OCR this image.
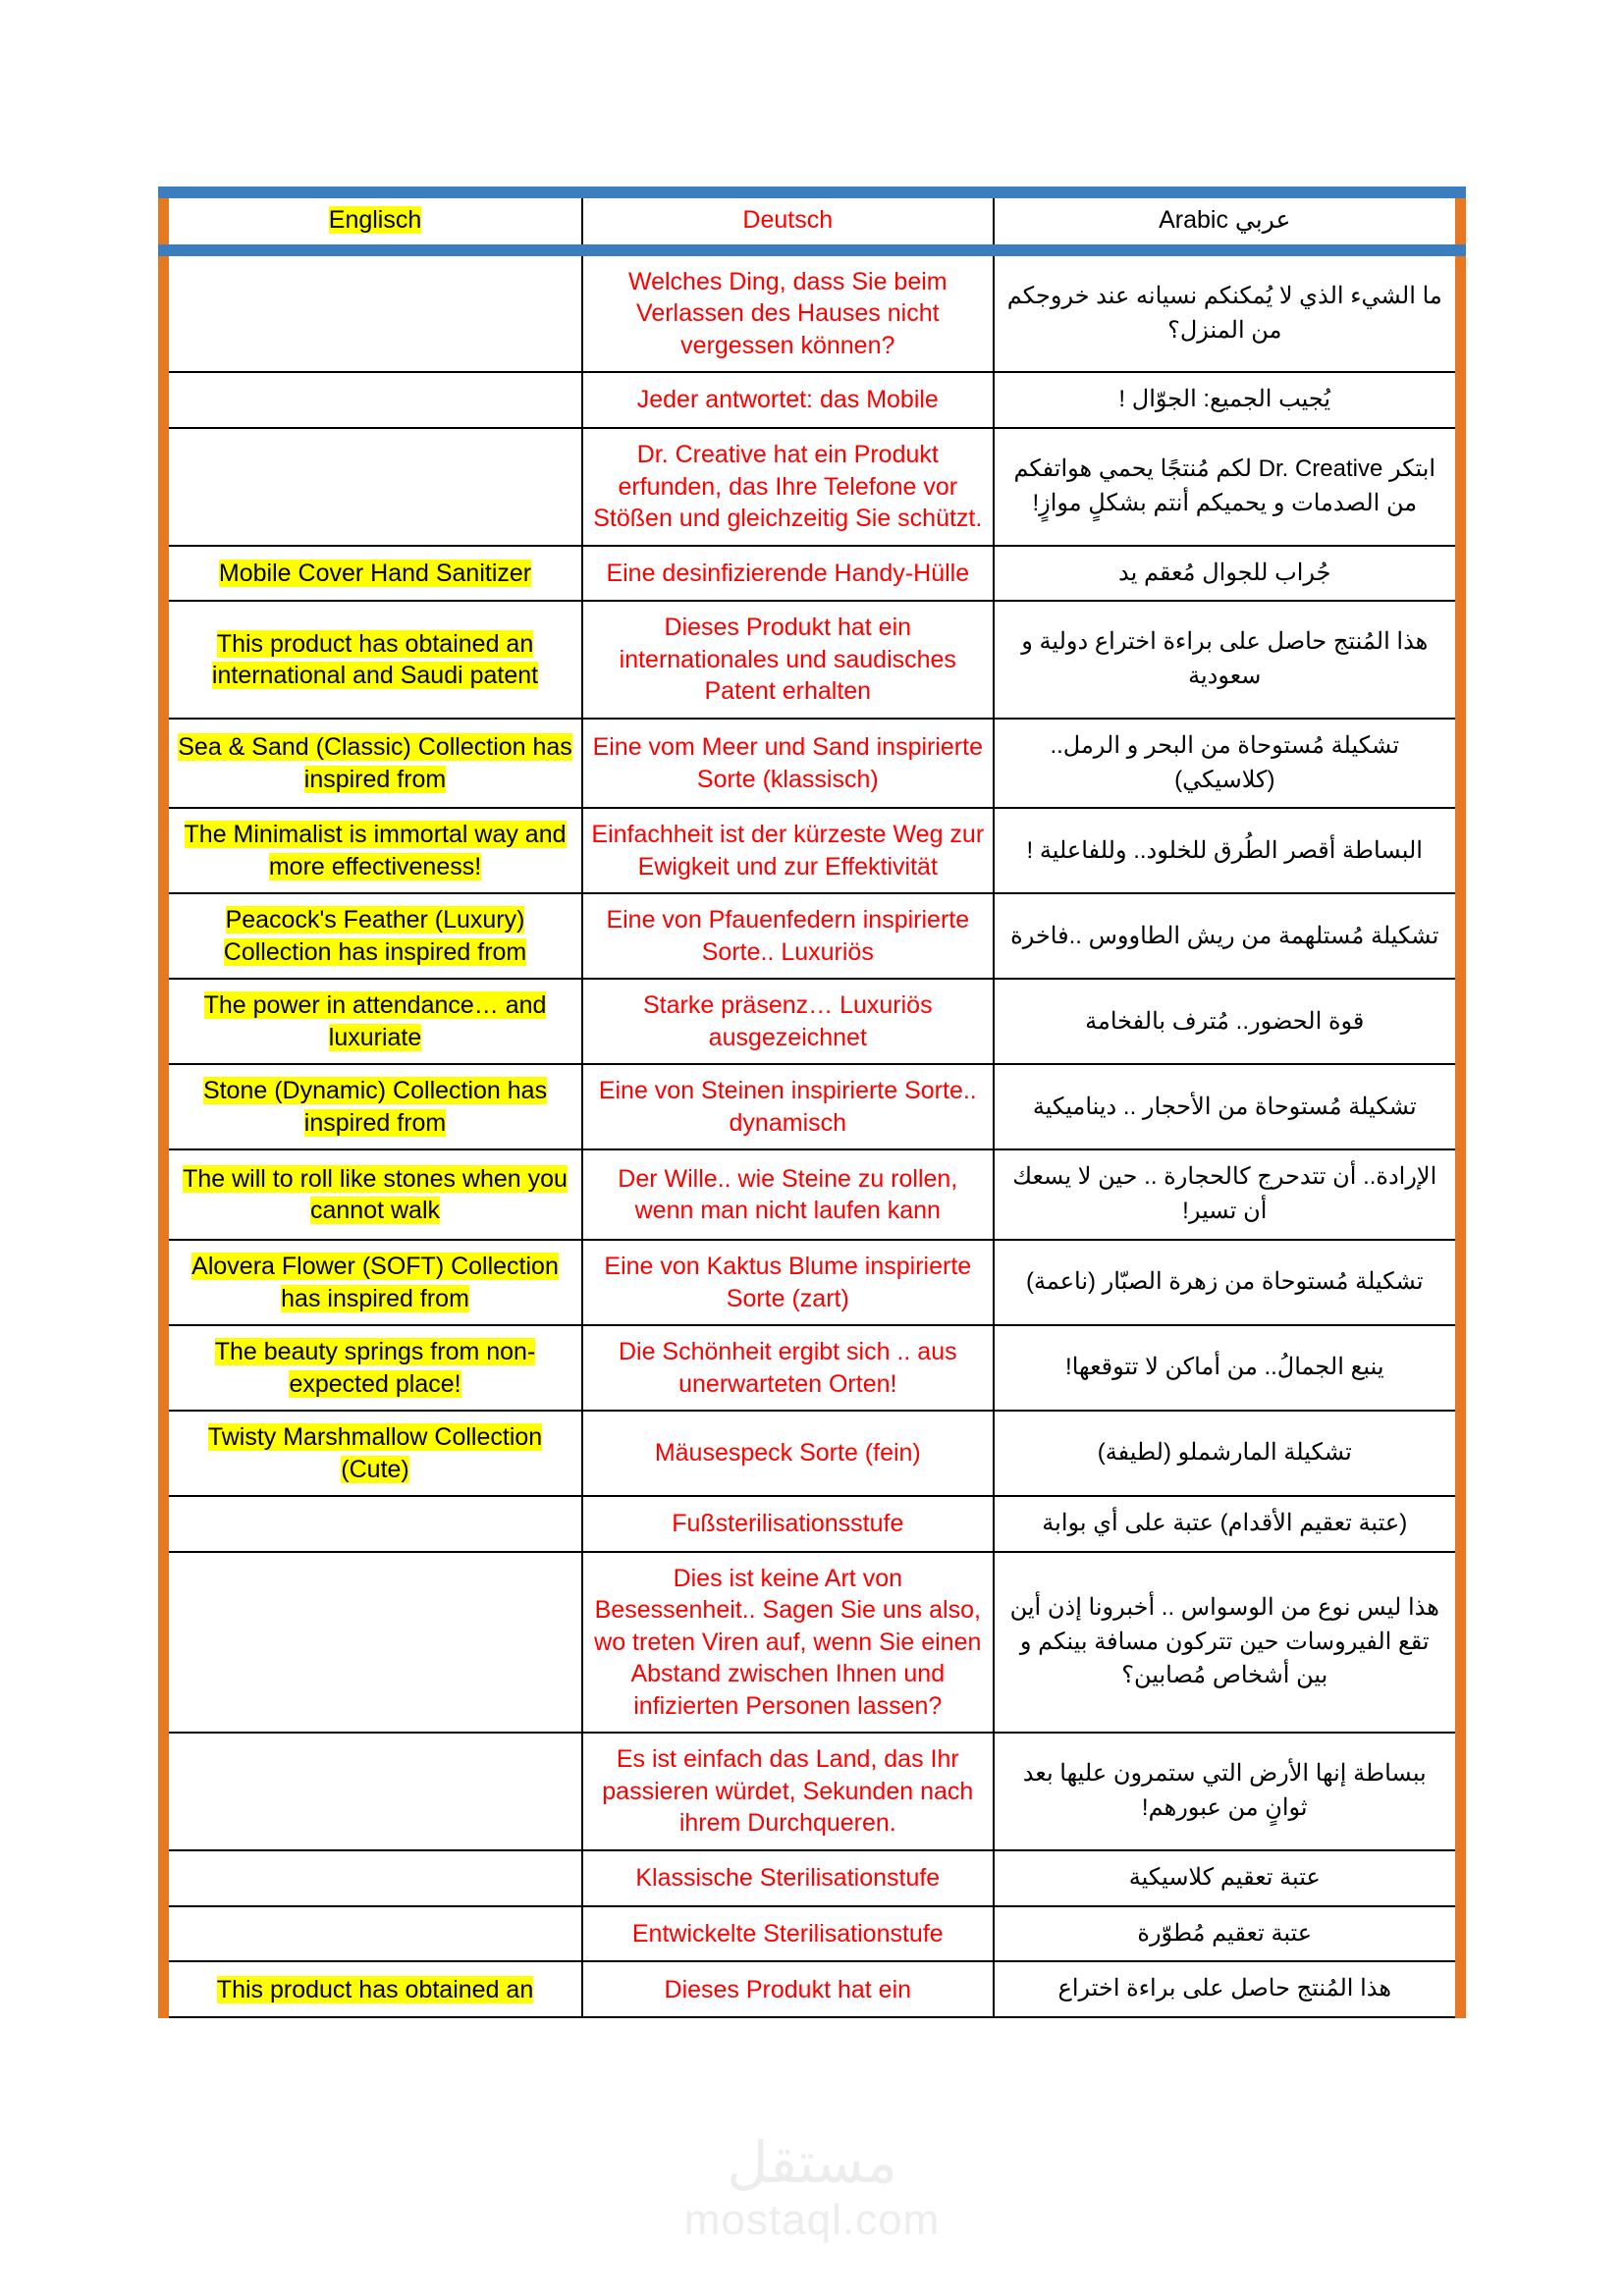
Englisch	Deutsch	Arabic عربي
	Welches Ding, dass Sie beim Verlassen des Hauses nicht vergessen können?	ما الشيء الذي لا يُمكنكم نسيانه عند خروجكم من المنزل؟
	Jeder antwortet: das Mobile	يُجيب الجميع: الجوّال !
	Dr. Creative hat ein Produkt erfunden, das Ihre Telefone vor Stößen und gleichzeitig Sie schützt.	ابتكر Dr. Creative لكم مُنتجًا يحمي هواتفكم من الصدمات و يحميكم أنتم بشكلٍ موازٍ!
Mobile Cover Hand Sanitizer	Eine desinfizierende Handy-Hülle	جُراب للجوال مُعقم يد
This product has obtained an international and Saudi patent	Dieses Produkt hat ein internationales und saudisches Patent erhalten	هذا المُنتج حاصل على براءة اختراع دولية و سعودية
Sea & Sand (Classic) Collection has inspired from	Eine vom Meer und Sand inspirierte Sorte (klassisch)	تشكيلة مُستوحاة من البحر و الرمل.. (كلاسيكي)
The Minimalist is immortal way and more effectiveness!	Einfachheit ist der kürzeste Weg zur Ewigkeit und zur Effektivität	البساطة أقصر الطُرق للخلود.. وللفاعلية !
Peacock's Feather (Luxury) Collection has inspired from	Eine von Pfauenfedern inspirierte Sorte.. Luxuriös	تشكيلة مُستلهمة من ريش الطاووس ..فاخرة
The power in attendance… and luxuriate	Starke präsenz… Luxuriös ausgezeichnet	قوة الحضور.. مُترف بالفخامة
Stone (Dynamic) Collection has inspired from	Eine von Steinen inspirierte Sorte.. dynamisch	تشكيلة مُستوحاة من الأحجار .. ديناميكية
The will to roll like stones when you cannot walk	Der Wille.. wie Steine zu rollen, wenn man nicht laufen kann	الإرادة.. أن تتدحرج كالحجارة .. حين لا يسعك أن تسير!
Alovera Flower (SOFT) Collection has inspired from	Eine von Kaktus Blume inspirierte Sorte (zart)	تشكيلة مُستوحاة من زهرة الصبّار (ناعمة)
The beauty springs from non-expected place!	Die Schönheit ergibt sich .. aus unerwarteten Orten!	ينبع الجمالُ.. من أماكن لا تتوقعها!
Twisty Marshmallow Collection (Cute)	Mäusespeck Sorte (fein)	تشكيلة المارشملو (لطيفة)
	Fußsterilisationsstufe	(عتبة تعقيم الأقدام) عتبة على أي بوابة
	Dies ist keine Art von Besessenheit.. Sagen Sie uns also, wo treten Viren auf, wenn Sie einen Abstand zwischen Ihnen und infizierten Personen lassen?	هذا ليس نوع من الوسواس .. أخبرونا إذن أين تقع الفيروسات حين تتركون مسافة بينكم و بين أشخاص مُصابين؟
	Es ist einfach das Land, das Ihr passieren würdet, Sekunden nach ihrem Durchqueren.	ببساطة إنها الأرض التي ستمرون عليها بعد ثوانٍ من عبورهم!
	Klassische Sterilisationstufe	عتبة تعقيم كلاسيكية
	Entwickelte Sterilisationstufe	عتبة تعقيم مُطوّرة
This product has obtained an	Dieses Produkt hat ein	هذا المُنتج حاصل على براءة اختراع
مستقل
mostaql.com
